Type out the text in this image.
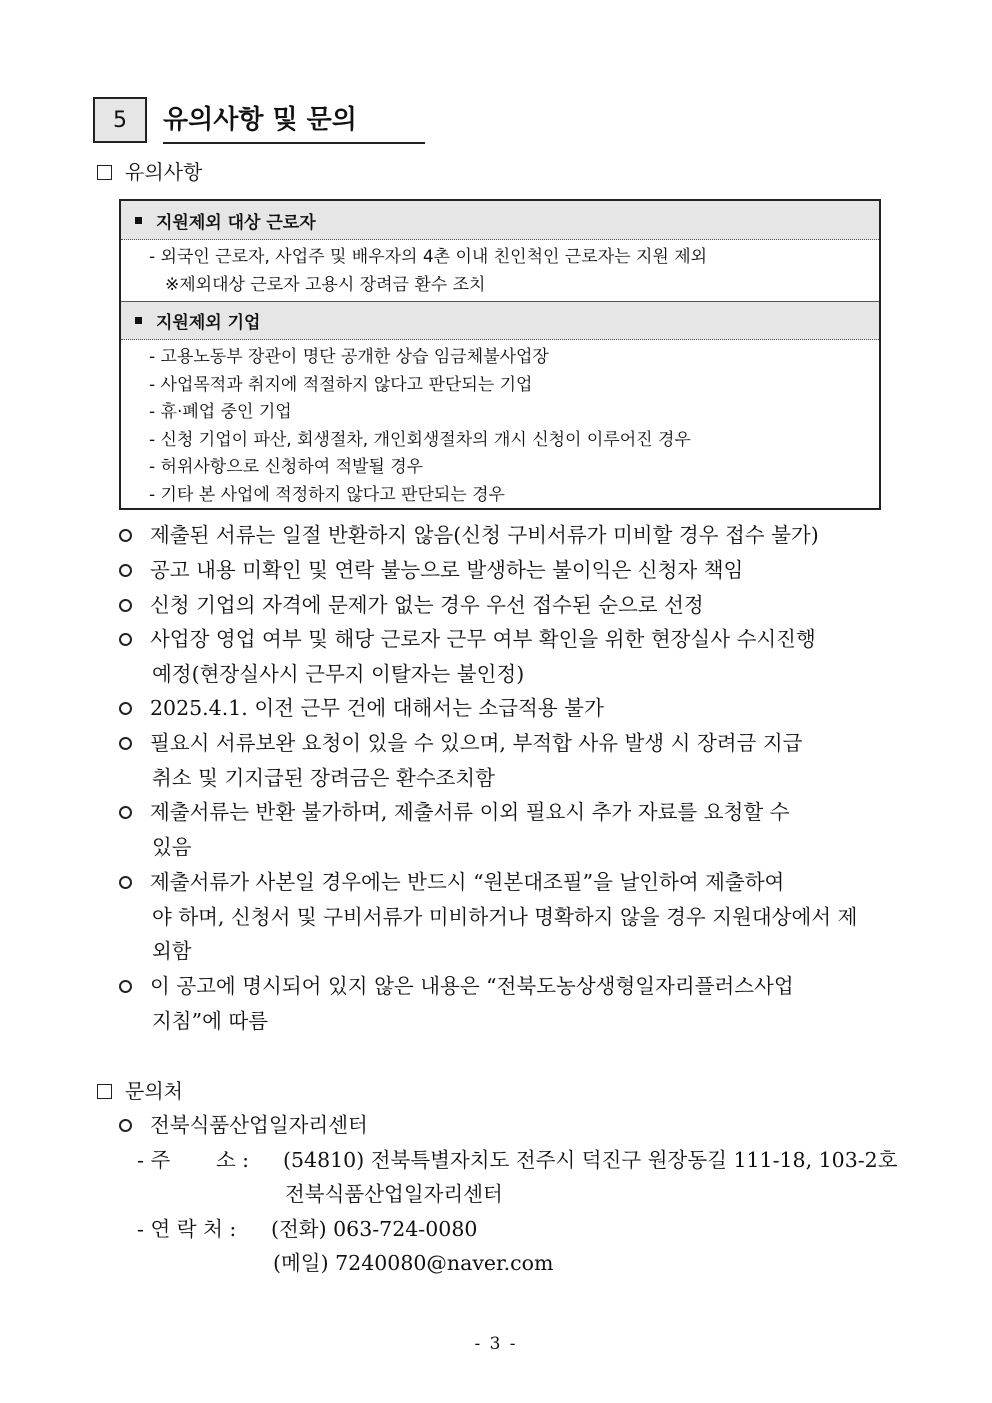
5	유의사항 및 문의
유의사항
지원제외 대상 근로자
- 외국인 근로자, 사업주 및 배우자의 4촌 이내 친인척인 근로자는 지원 제외
※제외대상 근로자 고용시 장려금 환수 조치
지원제외 기업
- 고용노동부 장관이 명단 공개한 상습 임금체불사업장
- 사업목적과 취지에 적절하지 않다고 판단되는 기업
- 휴·폐업 중인 기업
- 신청 기업이 파산, 회생절차, 개인회생절차의 개시 신청이 이루어진 경우
- 허위사항으로 신청하여 적발될 경우
- 기타 본 사업에 적정하지 않다고 판단되는 경우
제출된 서류는 일절 반환하지 않음(신청 구비서류가 미비할 경우 접수 불가)
공고 내용 미확인 및 연락 불능으로 발생하는 불이익은 신청자 책임
신청 기업의 자격에 문제가 없는 경우 우선 접수된 순으로 선정
사업장 영업 여부 및 해당 근로자 근무 여부 확인을 위한 현장실사 수시진행
예정(현장실사시 근무지 이탈자는 불인정)
2025.4.1. 이전 근무 건에 대해서는 소급적용 불가
필요시 서류보완 요청이 있을 수 있으며, 부적합 사유 발생 시 장려금 지급
취소 및 기지급된 장려금은 환수조치함
제출서류는 반환 불가하며, 제출서류 이외 필요시 추가 자료를 요청할 수
있음
제출서류가 사본일 경우에는 반드시 “원본대조필”을 날인하여 제출하여
야 하며, 신청서 및 구비서류가 미비하거나 명확하지 않을 경우 지원대상에서 제
외함
이 공고에 명시되어 있지 않은 내용은 “전북도농상생형일자리플러스사업
지침”에 따름
문의처
전북식품산업일자리센터
- 주       소 : (54810) 전북특별자치도 전주시 덕진구 원장동길 111-18, 103-2호
전북식품산업일자리센터
- 연 락 처 : (전화) 063-724-0080
(메일) 7240080@naver.com
- 3 -
